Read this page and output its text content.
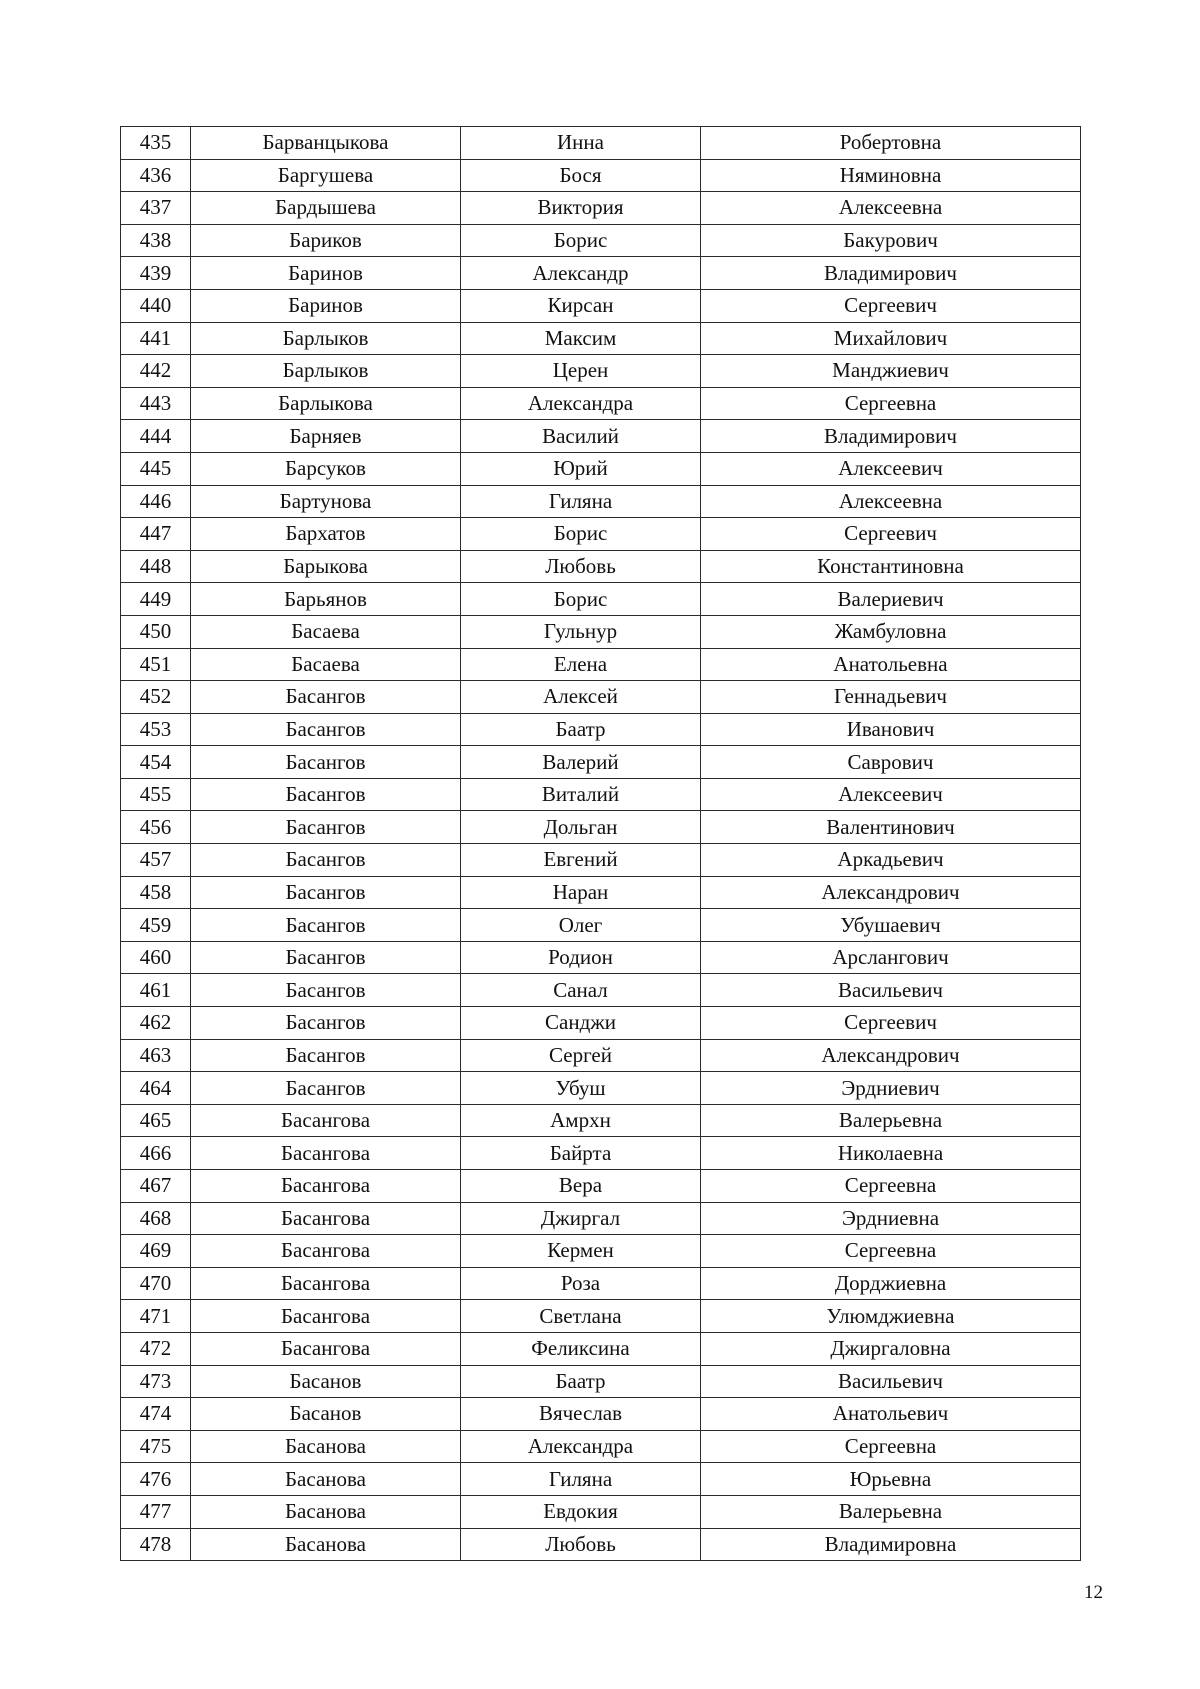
435	Барванцыкова	Инна	Робертовна
436	Баргушева	Бося	Няминовна
437	Бардышева	Виктория	Алексеевна
438	Бариков	Борис	Бакурович
439	Баринов	Александр	Владимирович
440	Баринов	Кирсан	Сергеевич
441	Барлыков	Максим	Михайлович
442	Барлыков	Церен	Манджиевич
443	Барлыкова	Александра	Сергеевна
444	Барняев	Василий	Владимирович
445	Барсуков	Юрий	Алексеевич
446	Бартунова	Гиляна	Алексеевна
447	Бархатов	Борис	Сергеевич
448	Барыкова	Любовь	Константиновна
449	Барьянов	Борис	Валериевич
450	Басаева	Гульнур	Жамбуловна
451	Басаева	Елена	Анатольевна
452	Басангов	Алексей	Геннадьевич
453	Басангов	Баатр	Иванович
454	Басангов	Валерий	Саврович
455	Басангов	Виталий	Алексеевич
456	Басангов	Дольган	Валентинович
457	Басангов	Евгений	Аркадьевич
458	Басангов	Наран	Александрович
459	Басангов	Олег	Убушаевич
460	Басангов	Родион	Арслангович
461	Басангов	Санал	Васильевич
462	Басангов	Санджи	Сергеевич
463	Басангов	Сергей	Александрович
464	Басангов	Убуш	Эрдниевич
465	Басангова	Амрхн	Валерьевна
466	Басангова	Байрта	Николаевна
467	Басангова	Вера	Сергеевна
468	Басангова	Джиргал	Эрдниевна
469	Басангова	Кермен	Сергеевна
470	Басангова	Роза	Дорджиевна
471	Басангова	Светлана	Улюмджиевна
472	Басангова	Феликсина	Джиргаловна
473	Басанов	Баатр	Васильевич
474	Басанов	Вячеслав	Анатольевич
475	Басанова	Александра	Сергеевна
476	Басанова	Гиляна	Юрьевна
477	Басанова	Евдокия	Валерьевна
478	Басанова	Любовь	Владимировна
12
